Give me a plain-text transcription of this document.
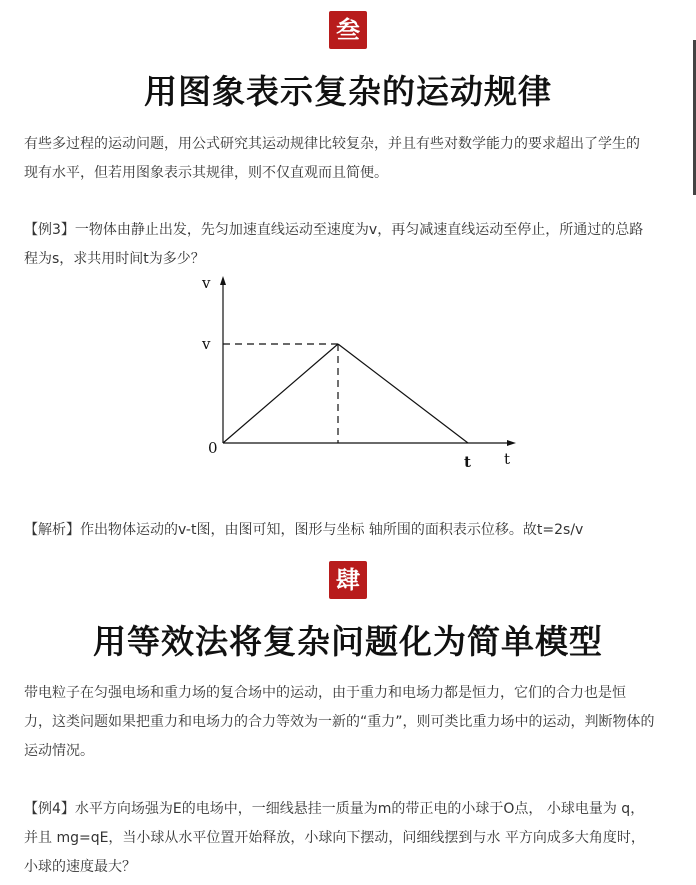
叁
用图象表示复杂的运动规律

有些多过程的运动问题，用公式研究其运动规律比较复杂，并且有些对数学能力的要求超出了学生的

现有水平，但若用图象表示其规律，则不仅直观而且简便。

【例3】一物体由静止出发，先匀加速直线运动至速度为v，再匀减速直线运动至停止，所通过的总路

程为s，求共用时间t为多少？

v
v
0
t t

【解析】作出物体运动的v-t图，由图可知，图形与坐标 轴所围的面积表示位移。故t=2s/v

肆
用等效法将复杂问题化为简单模型

带电粒子在匀强电场和重力场的复合场中的运动，由于重力和电场力都是恒力，它们的合力也是恒

力，这类问题如果把重力和电场力的合力等效为一新的“重力”，则可类比重力场中的运动，判断物体的

运动情况。

【例4】水平方向场强为E的电场中，一细线悬挂一质量为m的带正电的小球于O点， 小球电量为 q，

并且 mg=qE，当小球从水平位置开始释放，小球向下摆动，问细线摆到与水 平方向成多大角度时，

小球的速度最大？
